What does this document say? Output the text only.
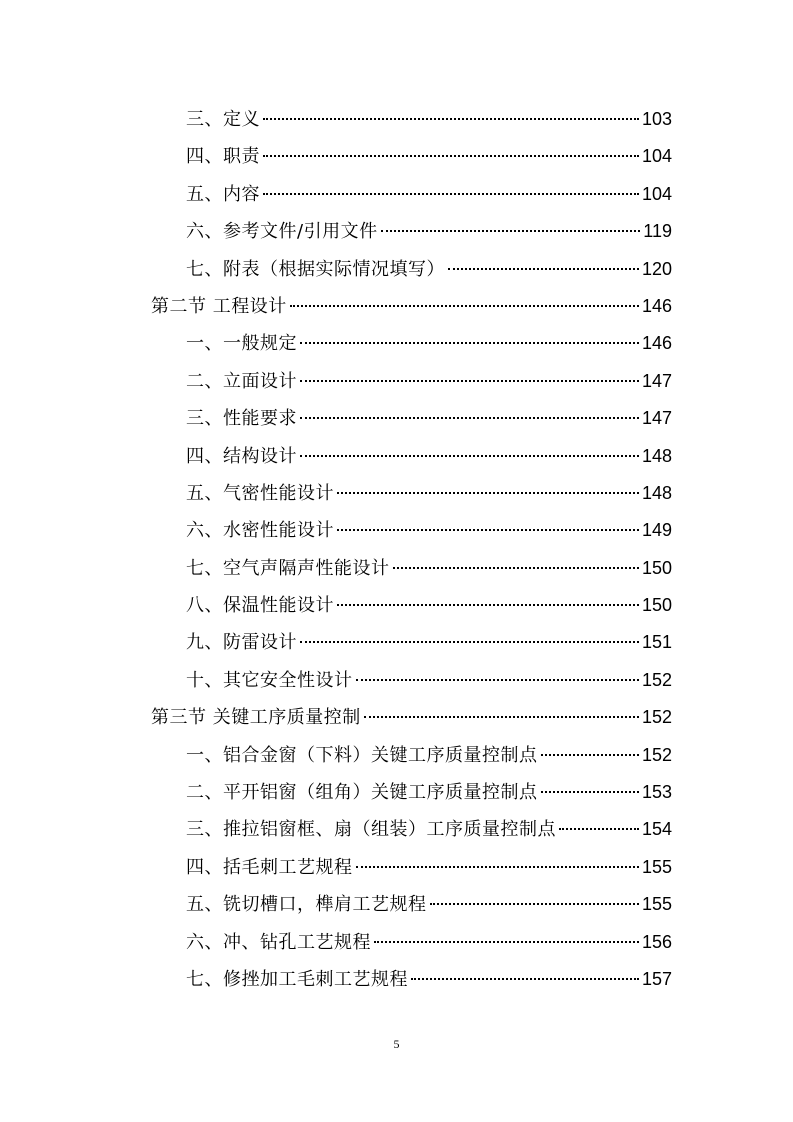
三、定义	103
四、职责	104
五、内容	104
六、参考文件/引用文件	119
七、附表（根据实际情况填写）	120
第二节 工程设计	146
一、一般规定	146
二、立面设计	147
三、性能要求	147
四、结构设计	148
五、气密性能设计	148
六、水密性能设计	149
七、空气声隔声性能设计	150
八、保温性能设计	150
九、防雷设计	151
十、其它安全性设计	152
第三节 关键工序质量控制	152
一、铝合金窗（下料）关键工序质量控制点	152
二、平开铝窗（组角）关键工序质量控制点	153
三、推拉铝窗框、扇（组装）工序质量控制点	154
四、括毛刺工艺规程	155
五、铣切槽口，榫肩工艺规程	155
六、冲、钻孔工艺规程	156
七、修挫加工毛刺工艺规程	157
5
